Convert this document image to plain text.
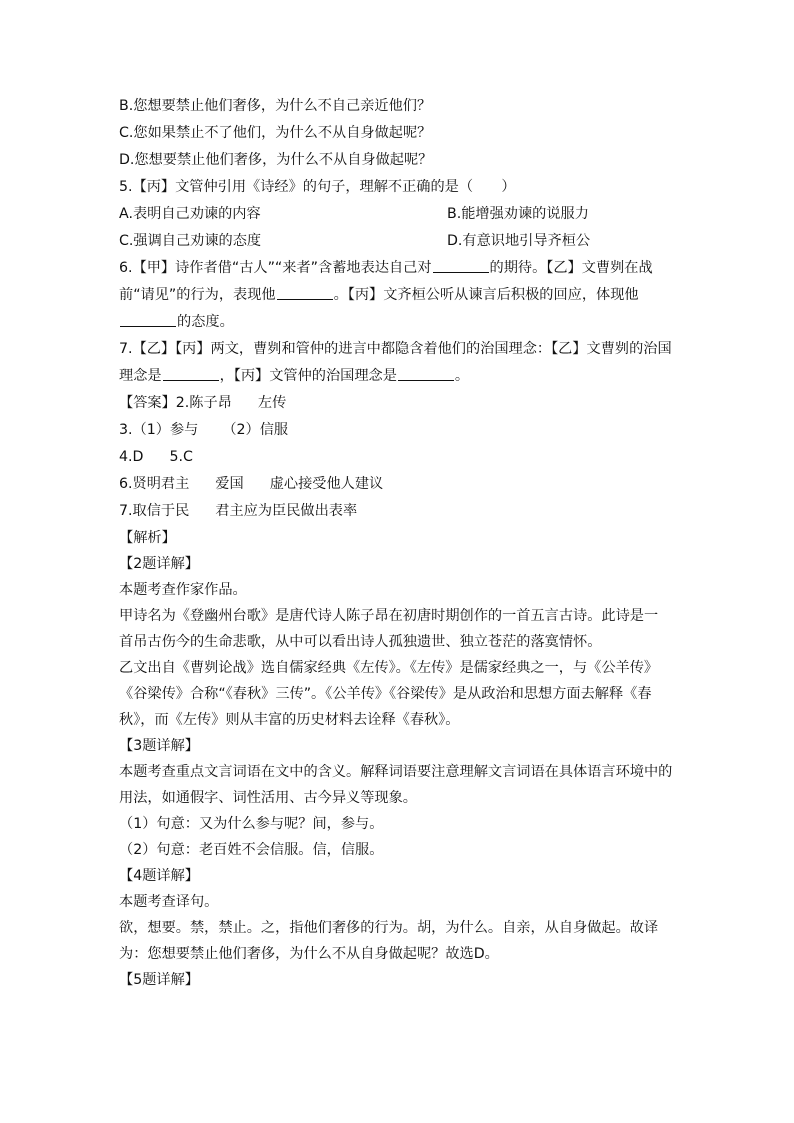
B.您想要禁止他们奢侈，为什么不自己亲近他们？
C.您如果禁止不了他们，为什么不从自身做起呢？
D.您想要禁止他们奢侈，为什么不从自身做起呢？
5.【丙】文管仲引用《诗经》的句子，理解不正确的是（　　）
A.表明自己劝谏的内容	B.能增强劝谏的说服力
C.强调自己劝谏的态度	D.有意识地引导齐桓公
6.【甲】诗作者借“古人”“来者”含蓄地表达自己对	的期待。【乙】文曹刿在战
前“请见”的行为，表现他	。【丙】文齐桓公听从谏言后积极的回应，体现他
的态度。
7.【乙】【丙】两文，曹刿和管仲的进言中都隐含着他们的治国理念：【乙】文曹刿的治国
理念是	，【丙】文管仲的治国理念是	。
【答案】2.陈子昂 左传
3.（1）参与 （2）信服
4.D 5.C
6.贤明君主 爱国 虚心接受他人建议
7.取信于民 君主应为臣民做出表率
【解析】
【2题详解】
本题考查作家作品。
甲诗名为《登幽州台歌》是唐代诗人陈子昂在初唐时期创作的一首五言古诗。此诗是一
首吊古伤今的生命悲歌，从中可以看出诗人孤独遗世、独立苍茫的落寞情怀。
乙文出自《曹刿论战》选自儒家经典《左传》。《左传》是儒家经典之一，与《公羊传》
《谷梁传》合称“《春秋》三传”。《公羊传》《谷梁传》是从政治和思想方面去解释《春
秋》，而《左传》则从丰富的历史材料去诠释《春秋》。
【3题详解】
本题考查重点文言词语在文中的含义。解释词语要注意理解文言词语在具体语言环境中的
用法，如通假字、词性活用、古今异义等现象。
（1）句意：又为什么参与呢？间，参与。
（2）句意：老百姓不会信服。信，信服。
【4题详解】
本题考查译句。
欲，想要。禁，禁止。之，指他们奢侈的行为。胡，为什么。自亲，从自身做起。故译
为：您想要禁止他们奢侈，为什么不从自身做起呢？故选D。
【5题详解】
